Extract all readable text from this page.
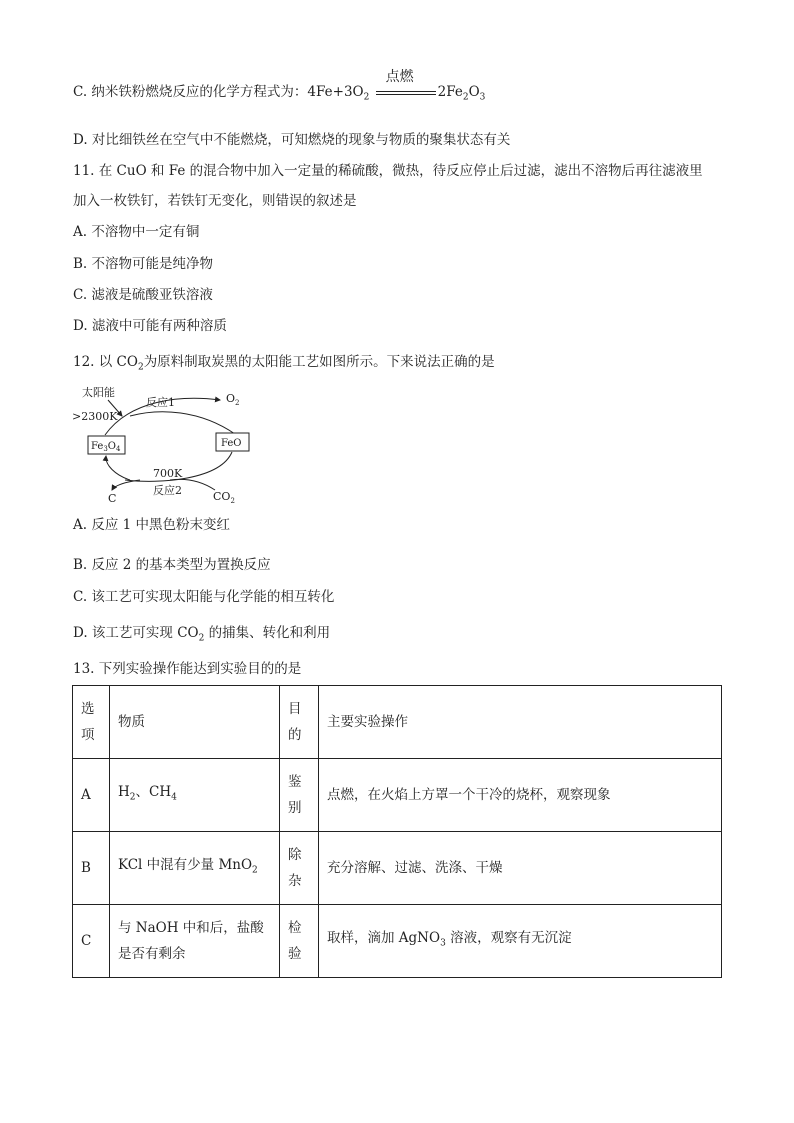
C. 纳米铁粉燃烧反应的化学方程式为：$4Fe+3O_2$
点燃
$2Fe_2O_3$
D. 对比细铁丝在空气中不能燃烧，可知燃烧的现象与物质的聚集状态有关
11. 在 CuO 和 Fe 的混合物中加入一定量的稀硫酸，微热，待反应停止后过滤，滤出不溶物后再往滤液里
加入一枚铁钉，若铁钉无变化，则错误的叙述是
A. 不溶物中一定有铜
B. 不溶物可能是纯净物
C. 滤液是硫酸亚铁溶液
D. 滤液中可能有两种溶质
12. 以 $CO_2$为原料制取炭黑的太阳能工艺如图所示。下来说法正确的是
太阳能
>2300K
反应1	$O_2$
$Fe_3O_4$	FeO
700K
反应2
C	$CO_2$
A. 反应 1 中黑色粉末变红
B. 反应 2 的基本类型为置换反应
C. 该工艺可实现太阳能与化学能的相互转化
D. 该工艺可实现 $CO_2$ 的捕集、转化和利用
13. 下列实验操作能达到实验目的的是
选项	物质	目的	主要实验操作
A	$H_2$、$CH_4$	鉴别	点燃，在火焰上方罩一个干冷的烧杯，观察现象
B	KCl 中混有少量 MnO$_2$	除杂	充分溶解、过滤、洗涤、干燥
C	与 NaOH 中和后，盐酸是否有剩余	检验	取样，滴加 AgNO$_3$ 溶液，观察有无沉淀
